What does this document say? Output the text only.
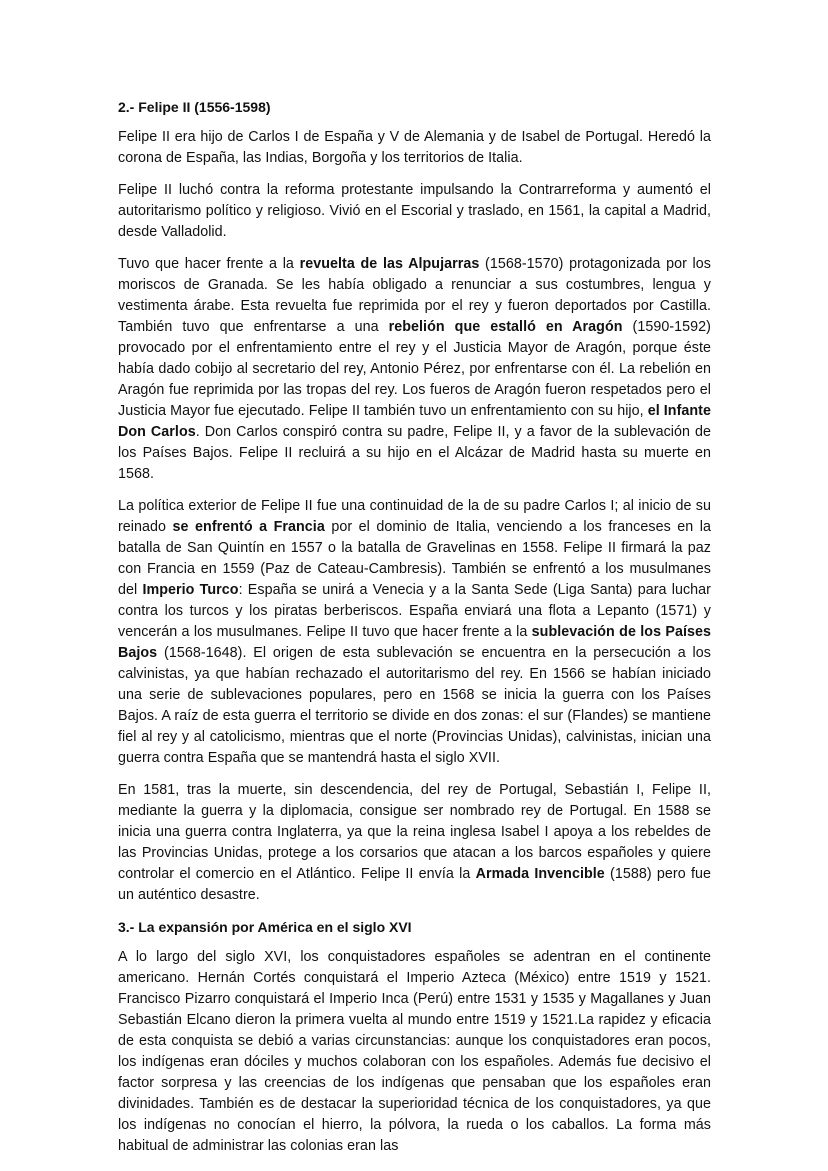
2.- Felipe II (1556-1598)

Felipe II era hijo de Carlos I de España y V de Alemania y de Isabel de Portugal. Heredó la corona de España, las Indias, Borgoña y los territorios de Italia.

Felipe II luchó contra la reforma protestante impulsando la Contrarreforma y aumentó el autoritarismo político y religioso. Vivió en el Escorial y traslado, en 1561, la capital a Madrid, desde Valladolid.

Tuvo que hacer frente a la revuelta de las Alpujarras (1568-1570) protagonizada por los moriscos de Granada. Se les había obligado a renunciar a sus costumbres, lengua y vestimenta árabe. Esta revuelta fue reprimida por el rey y fueron deportados por Castilla. También tuvo que enfrentarse a una rebelión que estalló en Aragón (1590-1592) provocado por el enfrentamiento entre el rey y el Justicia Mayor de Aragón, porque éste había dado cobijo al secretario del rey, Antonio Pérez, por enfrentarse con él. La rebelión en Aragón fue reprimida por las tropas del rey. Los fueros de Aragón fueron respetados pero el Justicia Mayor fue ejecutado. Felipe II también tuvo un enfrentamiento con su hijo, el Infante Don Carlos. Don Carlos conspiró contra su padre, Felipe II, y a favor de la sublevación de los Países Bajos. Felipe II recluirá a su hijo en el Alcázar de Madrid hasta su muerte en 1568.

La política exterior de Felipe II fue una continuidad de la de su padre Carlos I; al inicio de su reinado se enfrentó a Francia por el dominio de Italia, venciendo a los franceses en la batalla de San Quintín en 1557 o la batalla de Gravelinas en 1558. Felipe II firmará la paz con Francia en 1559 (Paz de Cateau-Cambresis). También se enfrentó a los musulmanes del Imperio Turco: España se unirá a Venecia y a la Santa Sede (Liga Santa) para luchar contra los turcos y los piratas berberiscos. España enviará una flota a Lepanto (1571) y vencerán a los musulmanes. Felipe II tuvo que hacer frente a la sublevación de los Países Bajos (1568-1648). El origen de esta sublevación se encuentra en la persecución a los calvinistas, ya que habían rechazado el autoritarismo del rey. En 1566 se habían iniciado una serie de sublevaciones populares, pero en 1568 se inicia la guerra con los Países Bajos. A raíz de esta guerra el territorio se divide en dos zonas: el sur (Flandes) se mantiene fiel al rey y al catolicismo, mientras que el norte (Provincias Unidas), calvinistas, inician una guerra contra España que se mantendrá hasta el siglo XVII.

En 1581, tras la muerte, sin descendencia, del rey de Portugal, Sebastián I, Felipe II, mediante la guerra y la diplomacia, consigue ser nombrado rey de Portugal. En 1588 se inicia una guerra contra Inglaterra, ya que la reina inglesa Isabel I apoya a los rebeldes de las Provincias Unidas, protege a los corsarios que atacan a los barcos españoles y quiere controlar el comercio en el Atlántico. Felipe II envía la Armada Invencible (1588) pero fue un auténtico desastre.

3.- La expansión por América en el siglo XVI

A lo largo del siglo XVI, los conquistadores españoles se adentran en el continente americano. Hernán Cortés conquistará el Imperio Azteca (México) entre 1519 y 1521. Francisco Pizarro conquistará el Imperio Inca (Perú) entre 1531 y 1535 y Magallanes y Juan Sebastián Elcano dieron la primera vuelta al mundo entre 1519 y 1521.La rapidez y eficacia de esta conquista se debió a varias circunstancias: aunque los conquistadores eran pocos, los indígenas eran dóciles y muchos colaboran con los españoles. Además fue decisivo el factor sorpresa y las creencias de los indígenas que pensaban que los españoles eran divinidades. También es de destacar la superioridad técnica de los conquistadores, ya que los indígenas no conocían el hierro, la pólvora, la rueda o los caballos. La forma más habitual de administrar las colonias eran las
